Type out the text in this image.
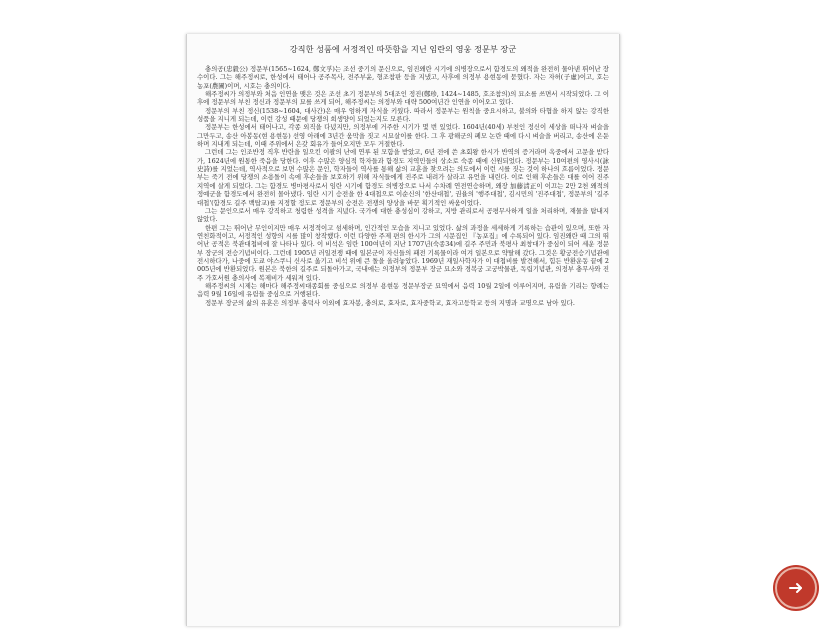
강직한 성품에 서정적인 따뜻함을 지닌 임란의 영웅 정문부 장군

충의공(忠毅公) 정문부(1565~1624, 鄭文孚)는 조선 중기의 문신으로, 임진왜란 시기에 의병장으로서 함경도의 왜적을 완전히 물아낸 뛰어난 장수이다. 그는 해주정씨로, 한성에서 태어나 공주목사, 전주부윤, 형조참판 등을 지냈고, 사후에 의정부 용현동에 묻혔다. 자는 자허(子虛)이고, 호는 농포(農圃)이며, 시호는 충의이다.

해주정씨가 의정부와 처음 인연을 맺은 것은 조선 초기 정문부의 5대조인 정진(鄭珍, 1424~1485, 호조참의)의 묘소를 쓰면서 시작되었다. 그 이후에 정문부의 부친 정신과 정문부의 묘를 쓰게 되어, 해주정씨는 의정부와 대략 500여년간 인연을 이어오고 있다.

정문부의 부친 정신(1538~1604, 대사간)은 매우 엄하게 자식을 키웠다. 따라서 정문부는 원칙을 중요시하고, 불의와 타협을 하지 않는 강직한 성품을 지니게 되는데, 이런 강성 때문에 당쟁의 희생양이 되었는지도 모른다.

정문부는 한성에서 태어나고, 각종 외직을 다녔지만, 의정부에 거주한 시기가 몇 번 있었다. 1604년(40세) 부친인 정신이 세상을 떠나자 벼슬을 그만두고, 송산 아봉동(현 용현동) 선영 아래에 3년간 움막을 짓고 시묘살이를 한다. 그 후 광해군의 폐모 논란 때에 다시 벼슬을 버리고, 송산에 은둔하며 지내게 되는데, 이때 주위에서 은갖 회유가 들어오지만 모두 거절한다.

그런데 그는 인조반정 직후 반란을 일으킨 이괄의 난에 연루 된 모함을 받았고, 6년 전에 쓴 초회왕 한시가 반역의 증거라며 옥중에서 고문을 받다가, 1624년에 원통한 죽음을 당한다. 이후 수많은 양심적 학자들과 함경도 지역민들의 상소로 숙종 때에 신원되었다. 정문부는 10여편의 영사시(詠史詩)를 지었는데, 역사적으로 보면 수많은 문인, 학자들이 역사를 통해 삶의 교훈을 찾으려는 의도에서 이런 시를 짓는 것이 하나의 흐름이었다. 정문부는 죽기 전에 당쟁의 소용돌이 속에 후손들을 보호하기 위해 자식들에게 진주로 내려가 살라고 유언을 내린다. 이로 인해 후손들은 대를 이어 진주 지역에 살게 되었다. 그는 함경도 병마평사로서 임란 시기에 함경도 의병장으로 나서 수차례 연전연승하며, 왜장 加藤淸正이 이끄는 2만 2천 왜적의 정예군을 함경도에서 완전히 몰아냈다. 임란 시기 승전을 한 4대첩으로 이순신의 '한산대첩', 권율의 '행주대첩', 김시민의 '진주대첩', 정문부의 '길주대첩'(함경도 길주 백탑교)를 지정할 정도로 정문부의 승전은 전쟁의 양상을 바꾼 획기적인 싸움이었다.

그는 문인으로서 매우 강직하고 청렴한 성격을 지녔다. 국가에 대한 충성심이 강하고, 지방 관리로서 공평무사하게 일을 처리하며, 재물을 탐내지 않았다.

한편 그는 뛰어난 무인이지만 매우 서정적이고 섬세하며, 인간적인 모습을 지니고 있었다. 삶의 과정을 세세하게 기록하는 습관이 있으며, 또한 자연친화적이고, 서정적인 성향의 시를 많이 창작했다. 이런 다양한 주제 편의 한시가 그의 시문집인 『농포집』에 수록되어 있다. 임진왜란 때 그의 뛰어난 공적은 북관대첩비에 잘 나타나 있다. 이 비석은 임란 100여년이 지난 1707년(숙종34)에 길주 주민과 북평사 최창대가 중심이 되어 세운 정문부 장군의 전승기념비이다. 그런데 1905년 러일전쟁 때에 일본군이 자신들의 패전 기록물이라 여겨 일본으로 약탈해 갔다. 그것은 황궁전승기념관에 전시하다가, 나중에 도쿄 야스쿠니 신사로 옮기고 비석 위에 큰 돌을 올려놓았다. 1969년 재일사학자가 이 대첩비를 발견해서, 힘든 반환운동 끝에 2005년에 반환되었다. 원본은 북한의 길주로 되돌아가고, 국내에는 의정부의 정문부 장군 묘소와 경복궁 고궁박물관, 독립기념관, 의정부 충무사와 진주 가호서원 충의사에 복제비가 세워져 있다.

해주정씨의 시제는 해마다 해주정씨대종회를 중심으로 의정부 용현동 정문부장군 묘역에서 음력 10월 2일에 이루어지며, 유림을 기리는 향례는 음력 9월 16일에 유림들 중심으로 거행된다.

정문부 장군의 삶의 유훈은 의정부 충덕사 이외에 효자봉, 충의로, 효자로, 효자중학교, 효자고등학교 등의 지명과 교명으로 남아 있다.
